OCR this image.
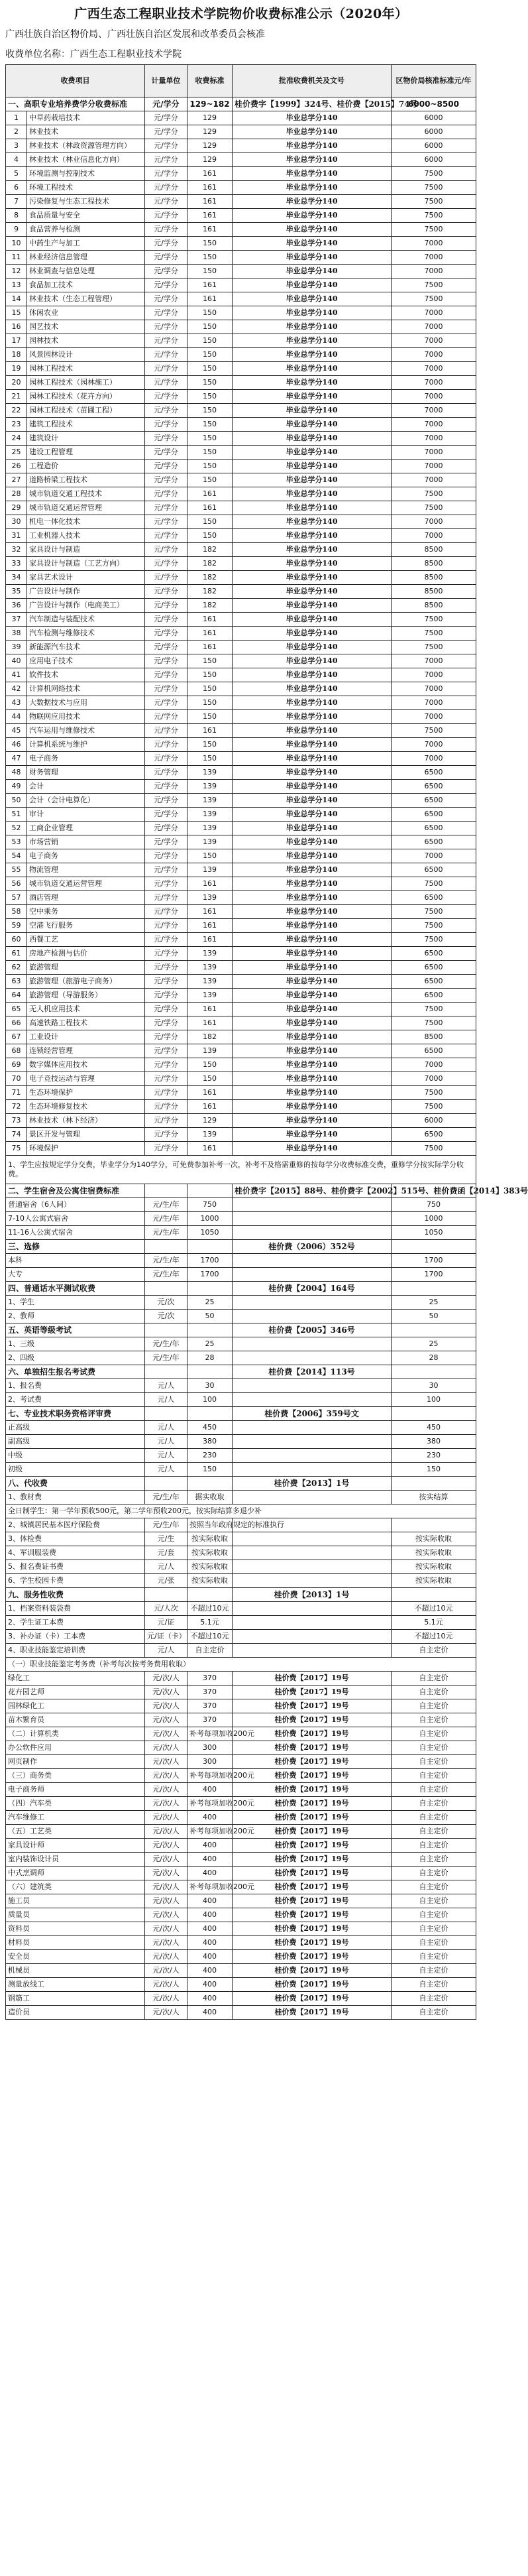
广西生态工程职业技术学院物价收费标准公示（2020年）
广西壮族自治区物价局、广西壮族自治区发展和改革委员会核准
收费单位名称：广西生态工程职业技术学院
收费项目		计量单位	收费标准	批准收费机关及文号	区物价局核准标准元/年
一、高职专业培养费学分收费标准		元/学分	129~182	桂价费字【1999】324号、桂价费【2015】74号	6000~8500
1	中草药栽培技术	元/学分	129	毕业总学分140	6000
2	林业技术	元/学分	129	毕业总学分140	6000
3	林业技术（林政资源管理方向）	元/学分	129	毕业总学分140	6000
4	林业技术（林业信息化方向）	元/学分	129	毕业总学分140	6000
5	环境监测与控制技术	元/学分	161	毕业总学分140	7500
6	环境工程技术	元/学分	161	毕业总学分140	7500
7	污染修复与生态工程技术	元/学分	161	毕业总学分140	7500
8	食品质量与安全	元/学分	161	毕业总学分140	7500
9	食品营养与检测	元/学分	161	毕业总学分140	7500
10	中药生产与加工	元/学分	150	毕业总学分140	7000
11	林业经济信息管理	元/学分	150	毕业总学分140	7000
12	林业调查与信息处理	元/学分	150	毕业总学分140	7000
13	食品加工技术	元/学分	161	毕业总学分140	7500
14	林业技术（生态工程管理）	元/学分	161	毕业总学分140	7500
15	休闲农业	元/学分	150	毕业总学分140	7000
16	园艺技术	元/学分	150	毕业总学分140	7000
17	园林技术	元/学分	150	毕业总学分140	7000
18	风景园林设计	元/学分	150	毕业总学分140	7000
19	园林工程技术	元/学分	150	毕业总学分140	7000
20	园林工程技术（园林施工）	元/学分	150	毕业总学分140	7000
21	园林工程技术（花卉方向）	元/学分	150	毕业总学分140	7000
22	园林工程技术（苗圃工程）	元/学分	150	毕业总学分140	7000
23	建筑工程技术	元/学分	150	毕业总学分140	7000
24	建筑设计	元/学分	150	毕业总学分140	7000
25	建设工程管理	元/学分	150	毕业总学分140	7000
26	工程造价	元/学分	150	毕业总学分140	7000
27	道路桥梁工程技术	元/学分	150	毕业总学分140	7000
28	城市轨道交通工程技术	元/学分	161	毕业总学分140	7500
29	城市轨道交通运营管理	元/学分	161	毕业总学分140	7500
30	机电一体化技术	元/学分	150	毕业总学分140	7000
31	工业机器人技术	元/学分	150	毕业总学分140	7000
32	家具设计与制造	元/学分	182	毕业总学分140	8500
33	家具设计与制造（工艺方向）	元/学分	182	毕业总学分140	8500
34	家具艺术设计	元/学分	182	毕业总学分140	8500
35	广告设计与制作	元/学分	182	毕业总学分140	8500
36	广告设计与制作（电商美工）	元/学分	182	毕业总学分140	8500
37	汽车制造与装配技术	元/学分	161	毕业总学分140	7500
38	汽车检测与维修技术	元/学分	161	毕业总学分140	7500
39	新能源汽车技术	元/学分	161	毕业总学分140	7500
40	应用电子技术	元/学分	150	毕业总学分140	7000
41	软件技术	元/学分	150	毕业总学分140	7000
42	计算机网络技术	元/学分	150	毕业总学分140	7000
43	大数据技术与应用	元/学分	150	毕业总学分140	7000
44	物联网应用技术	元/学分	150	毕业总学分140	7000
45	汽车运用与维修技术	元/学分	161	毕业总学分140	7500
46	计算机系统与维护	元/学分	150	毕业总学分140	7000
47	电子商务	元/学分	150	毕业总学分140	7000
48	财务管理	元/学分	139	毕业总学分140	6500
49	会计	元/学分	139	毕业总学分140	6500
50	会计（会计电算化）	元/学分	139	毕业总学分140	6500
51	审计	元/学分	139	毕业总学分140	6500
52	工商企业管理	元/学分	139	毕业总学分140	6500
53	市场营销	元/学分	139	毕业总学分140	6500
54	电子商务	元/学分	150	毕业总学分140	7000
55	物流管理	元/学分	139	毕业总学分140	6500
56	城市轨道交通运营管理	元/学分	161	毕业总学分140	7500
57	酒店管理	元/学分	139	毕业总学分140	6500
58	空中乘务	元/学分	161	毕业总学分140	7500
59	空港飞行服务	元/学分	161	毕业总学分140	7500
60	西餐工艺	元/学分	161	毕业总学分140	7500
61	房地产检测与估价	元/学分	139	毕业总学分140	6500
62	旅游管理	元/学分	139	毕业总学分140	6500
63	旅游管理（旅游电子商务）	元/学分	139	毕业总学分140	6500
64	旅游管理（导游服务）	元/学分	139	毕业总学分140	6500
65	无人机应用技术	元/学分	161	毕业总学分140	7500
66	高速铁路工程技术	元/学分	161	毕业总学分140	7500
67	工业设计	元/学分	182	毕业总学分140	8500
68	连锁经营管理	元/学分	139	毕业总学分140	6500
69	数字媒体应用技术	元/学分	150	毕业总学分140	7000
70	电子竞技运动与管理	元/学分	150	毕业总学分140	7000
71	生态环境保护	元/学分	161	毕业总学分140	7500
72	生态环境修复技术	元/学分	161	毕业总学分140	7500
73	林业技术（林下经济）	元/学分	129	毕业总学分140	6000
74	景区开发与管理	元/学分	139	毕业总学分140	6500
75	环境保护	元/学分	161	毕业总学分140	7500
1、学生应按规定学分交费，毕业学分为140学分，可免费参加补考一次，补考不及格需重修的按每学分收费标准交费，重修学分按实际学分收费。					
二、学生宿舍及公寓住宿费标准				桂价费字【2015】88号、桂价费字【2002】515号、桂价费函【2014】383号	
普通宿舍（6人间）		元/生/年	750		750
7-10人公寓式宿舍		元/生/年	1000		1000
11-16人公寓式宿舍		元/生/年	1050		1050
三、选修				桂价费（2006）352号	
本科		元/生/年	1700		1700
大专		元/生/年	1700		1700
四、普通话水平测试收费				桂价费【2004】164号	
1、学生		元/次	25		25
2、教师		元/次	50		50
五、英语等级考试				桂价费【2005】346号	
1、三级		元/生/年	25		25
2、四级		元/生/年	28		28
六、单独招生报名考试费				桂价费【2014】113号	
1、报名费		元/人	30		30
2、考试费		元/人	100		100
七、专业技术职务资格评审费				桂价费【2006】359号文	
正高级		元/人	450		450
副高级		元/人	380		380
中级		元/人	230		230
初级		元/人	150		150
八、代收费				桂价费【2013】1号	
1、教材费		元/生/年	据实收取		按实结算
全日制学生：第一学年预收500元，第二学年预收200元，按实际结算多退少补					
2、城镇居民基本医疗保险费		元/生/年	按照当年政府规定的标准执行		
3、体检费		元/生	按实际收取		按实际收取
4、军训服装费		元/套	按实际收取		按实际收取
5、报名费证书费		元/人	按实际收取		按实际收取
6、学生校园卡费		元/张	按实际收取		按实际收取
九、服务性收费				桂价费【2013】1号	
1、档案资料装袋费		元/人次	不超过10元		不超过10元
2、学生证工本费		元/证	5.1元		5.1元
3、补办证（卡）工本费		元/证（卡）	不超过10元		不超过10元
4、职业技能鉴定培训费		元/人	自主定价		自主定价
（一）职业技能鉴定考务费（补考每次按考务费用收取）					
绿化工		元/次/人	370	桂价费【2017】19号	自主定价
花卉园艺师		元/次/人	370	桂价费【2017】19号	自主定价
园林绿化工		元/次/人	370	桂价费【2017】19号	自主定价
苗木繁育员		元/次/人	370	桂价费【2017】19号	自主定价
（二）计算机类		元/次/人	补考每项加收200元	桂价费【2017】19号	自主定价
办公软件应用		元/次/人	300	桂价费【2017】19号	自主定价
网页制作		元/次/人	300	桂价费【2017】19号	自主定价
（三）商务类		元/次/人	补考每项加收200元	桂价费【2017】19号	自主定价
电子商务师		元/次/人	400	桂价费【2017】19号	自主定价
（四）汽车类		元/次/人	补考每项加收200元	桂价费【2017】19号	自主定价
汽车维修工		元/次/人	400	桂价费【2017】19号	自主定价
（五）工艺类		元/次/人	补考每项加收200元	桂价费【2017】19号	自主定价
家具设计师		元/次/人	400	桂价费【2017】19号	自主定价
室内装饰设计员		元/次/人	400	桂价费【2017】19号	自主定价
中式烹调师		元/次/人	400	桂价费【2017】19号	自主定价
（六）建筑类		元/次/人	补考每项加收200元	桂价费【2017】19号	自主定价
施工员		元/次/人	400	桂价费【2017】19号	自主定价
质量员		元/次/人	400	桂价费【2017】19号	自主定价
资料员		元/次/人	400	桂价费【2017】19号	自主定价
材料员		元/次/人	400	桂价费【2017】19号	自主定价
安全员		元/次/人	400	桂价费【2017】19号	自主定价
机械员		元/次/人	400	桂价费【2017】19号	自主定价
测量放线工		元/次/人	400	桂价费【2017】19号	自主定价
钢筋工		元/次/人	400	桂价费【2017】19号	自主定价
造价员		元/次/人	400	桂价费【2017】19号	自主定价
